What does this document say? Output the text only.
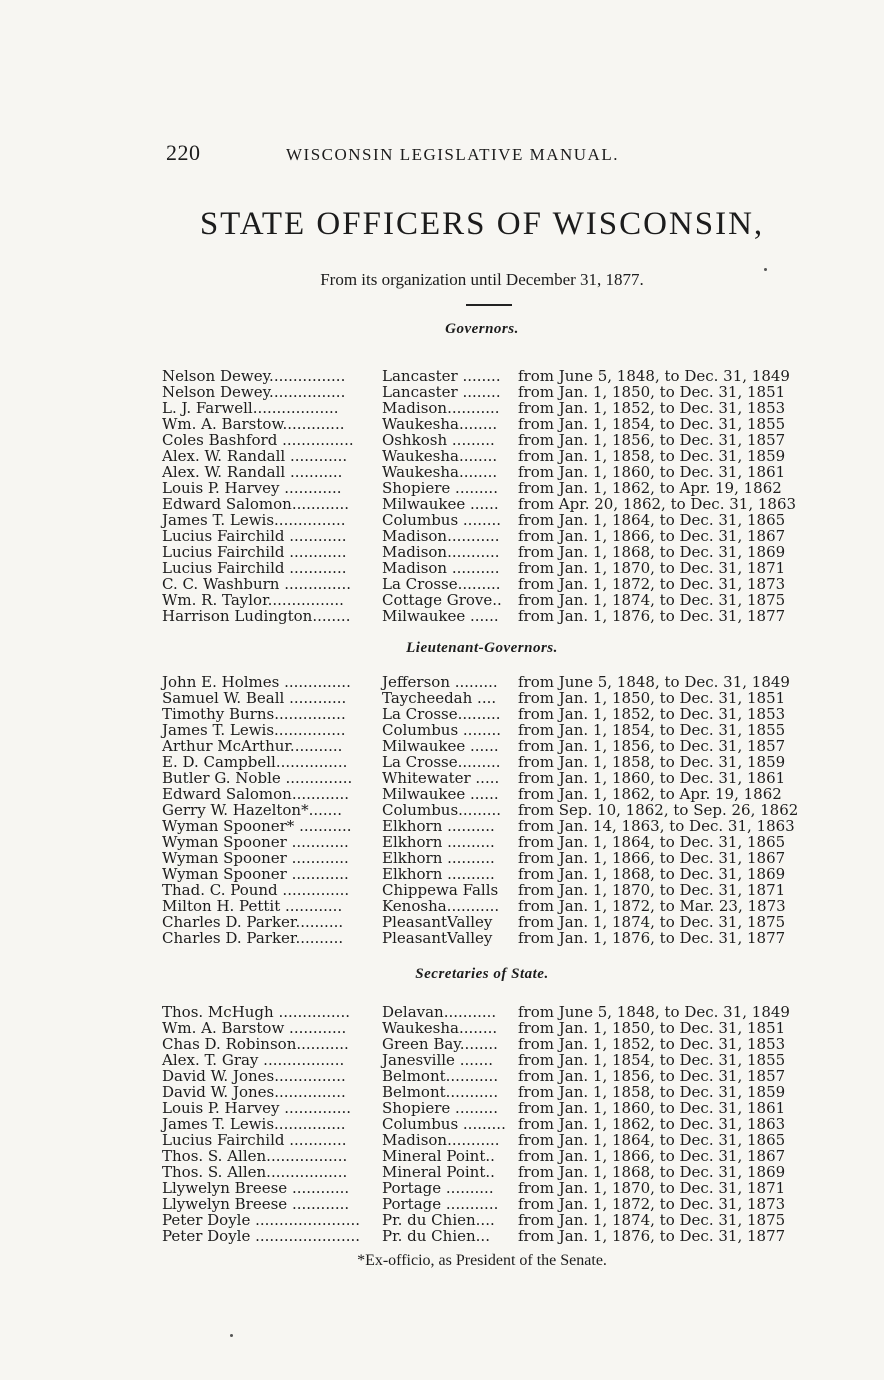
220	WISCONSIN LEGISLATIVE MANUAL.
STATE OFFICERS OF WISCONSIN,
From its organization until December 31, 1877.
Governors.
Nelson Dewey................	Lancaster ........	from June 5, 1848, to Dec. 31, 1849
Nelson Dewey................	Lancaster ........	from Jan. 1, 1850, to Dec. 31, 1851
L. J. Farwell..................	Madison...........	from Jan. 1, 1852, to Dec. 31, 1853
Wm. A. Barstow.............	Waukesha........	from Jan. 1, 1854, to Dec. 31, 1855
Coles Bashford ...............	Oshkosh .........	from Jan. 1, 1856, to Dec. 31, 1857
Alex. W. Randall ............	Waukesha........	from Jan. 1, 1858, to Dec. 31, 1859
Alex. W. Randall ...........	Waukesha........	from Jan. 1, 1860, to Dec. 31, 1861
Louis P. Harvey ............	Shopiere .........	from Jan. 1, 1862, to Apr. 19, 1862
Edward Salomon............	Milwaukee ......	from Apr. 20, 1862, to Dec. 31, 1863
James T. Lewis...............	Columbus ........	from Jan. 1, 1864, to Dec. 31, 1865
Lucius Fairchild ............	Madison...........	from Jan. 1, 1866, to Dec. 31, 1867
Lucius Fairchild ............	Madison...........	from Jan. 1, 1868, to Dec. 31, 1869
Lucius Fairchild ............	Madison ..........	from Jan. 1, 1870, to Dec. 31, 1871
C. C. Washburn ..............	La Crosse.........	from Jan. 1, 1872, to Dec. 31, 1873
Wm. R. Taylor................	Cottage Grove..	from Jan. 1, 1874, to Dec. 31, 1875
Harrison Ludington........	Milwaukee ......	from Jan. 1, 1876, to Dec. 31, 1877
Lieutenant-Governors.
John E. Holmes ..............	Jefferson .........	from June 5, 1848, to Dec. 31, 1849
Samuel W. Beall ............	Taycheedah ....	from Jan. 1, 1850, to Dec. 31, 1851
Timothy Burns...............	La Crosse.........	from Jan. 1, 1852, to Dec. 31, 1853
James T. Lewis...............	Columbus ........	from Jan. 1, 1854, to Dec. 31, 1855
Arthur McArthur...........	Milwaukee ......	from Jan. 1, 1856, to Dec. 31, 1857
E. D. Campbell...............	La Crosse.........	from Jan. 1, 1858, to Dec. 31, 1859
Butler G. Noble ..............	Whitewater .....	from Jan. 1, 1860, to Dec. 31, 1861
Edward Salomon............	Milwaukee ......	from Jan. 1, 1862, to Apr. 19, 1862
Gerry W. Hazelton*.......	Columbus.........	from Sep. 10, 1862, to Sep. 26, 1862
Wyman Spooner* ...........	Elkhorn ..........	from Jan. 14, 1863, to Dec. 31, 1863
Wyman Spooner ............	Elkhorn ..........	from Jan. 1, 1864, to Dec. 31, 1865
Wyman Spooner ............	Elkhorn ..........	from Jan. 1, 1866, to Dec. 31, 1867
Wyman Spooner ............	Elkhorn ..........	from Jan. 1, 1868, to Dec. 31, 1869
Thad. C. Pound ..............	Chippewa Falls	from Jan. 1, 1870, to Dec. 31, 1871
Milton H. Pettit ............	Kenosha...........	from Jan. 1, 1872, to Mar. 23, 1873
Charles D. Parker..........	PleasantValley	from Jan. 1, 1874, to Dec. 31, 1875
Charles D. Parker..........	PleasantValley	from Jan. 1, 1876, to Dec. 31, 1877
Secretaries of State.
Thos. McHugh ...............	Delavan...........	from June 5, 1848, to Dec. 31, 1849
Wm. A. Barstow ............	Waukesha........	from Jan. 1, 1850, to Dec. 31, 1851
Chas D. Robinson...........	Green Bay........	from Jan. 1, 1852, to Dec. 31, 1853
Alex. T. Gray .................	Janesville .......	from Jan. 1, 1854, to Dec. 31, 1855
David W. Jones...............	Belmont...........	from Jan. 1, 1856, to Dec. 31, 1857
David W. Jones...............	Belmont...........	from Jan. 1, 1858, to Dec. 31, 1859
Louis P. Harvey ..............	Shopiere .........	from Jan. 1, 1860, to Dec. 31, 1861
James T. Lewis...............	Columbus .........	from Jan. 1, 1862, to Dec. 31, 1863
Lucius Fairchild ............	Madison...........	from Jan. 1, 1864, to Dec. 31, 1865
Thos. S. Allen.................	Mineral Point..	from Jan. 1, 1866, to Dec. 31, 1867
Thos. S. Allen.................	Mineral Point..	from Jan. 1, 1868, to Dec. 31, 1869
Llywelyn Breese ............	Portage ..........	from Jan. 1, 1870, to Dec. 31, 1871
Llywelyn Breese ............	Portage ...........	from Jan. 1, 1872, to Dec. 31, 1873
Peter Doyle ......................	Pr. du Chien....	from Jan. 1, 1874, to Dec. 31, 1875
Peter Doyle ......................	Pr. du Chien...	from Jan. 1, 1876, to Dec. 31, 1877
*Ex-officio, as President of the Senate.
